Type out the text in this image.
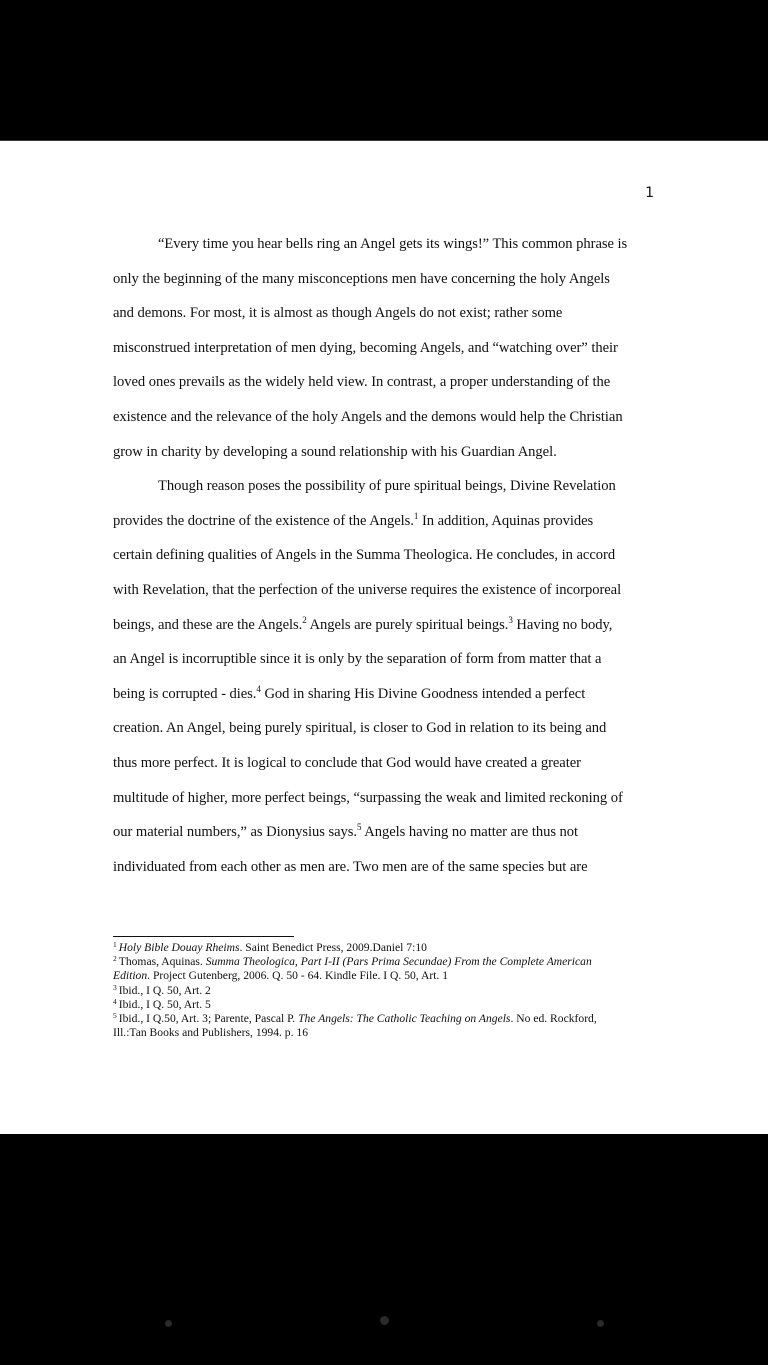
1
“Every time you hear bells ring an Angel gets its wings!” This common phrase is
only the beginning of the many misconceptions men have concerning the holy Angels
and demons. For most, it is almost as though Angels do not exist; rather some
misconstrued interpretation of men dying, becoming Angels, and “watching over” their
loved ones prevails as the widely held view. In contrast, a proper understanding of the
existence and the relevance of the holy Angels and the demons would help the Christian
grow in charity by developing a sound relationship with his Guardian Angel.
Though reason poses the possibility of pure spiritual beings, Divine Revelation
provides the doctrine of the existence of the Angels.$^1$ In addition, Aquinas provides
certain defining qualities of Angels in the Summa Theologica. He concludes, in accord
with Revelation, that the perfection of the universe requires the existence of incorporeal
beings, and these are the Angels.$^2$ Angels are purely spiritual beings.$^3$ Having no body,
an Angel is incorruptible since it is only by the separation of form from matter that a
being is corrupted - dies.$^4$ God in sharing His Divine Goodness intended a perfect
creation. An Angel, being purely spiritual, is closer to God in relation to its being and
thus more perfect. It is logical to conclude that God would have created a greater
multitude of higher, more perfect beings, “surpassing the weak and limited reckoning of
our material numbers,” as Dionysius says.$^5$ Angels having no matter are thus not
individuated from each other as men are. Two men are of the same species but are

$^1$ Holy Bible Douay Rheims. Saint Benedict Press, 2009.Daniel 7:10

$^2$ Thomas, Aquinas. Summa Theologica, Part I-II (Pars Prima Secundae) From the Complete American
Edition. Project Gutenberg, 2006. Q. 50 - 64. Kindle File. I Q. 50, Art. 1

$^3$ Ibid., I Q. 50, Art. 2

$^4$ Ibid., I Q. 50, Art. 5

$^5$ Ibid., I Q.50, Art. 3; Parente, Pascal P. The Angels: The Catholic Teaching on Angels. No ed. Rockford,
Ill.:Tan Books and Publishers, 1994. p. 16
